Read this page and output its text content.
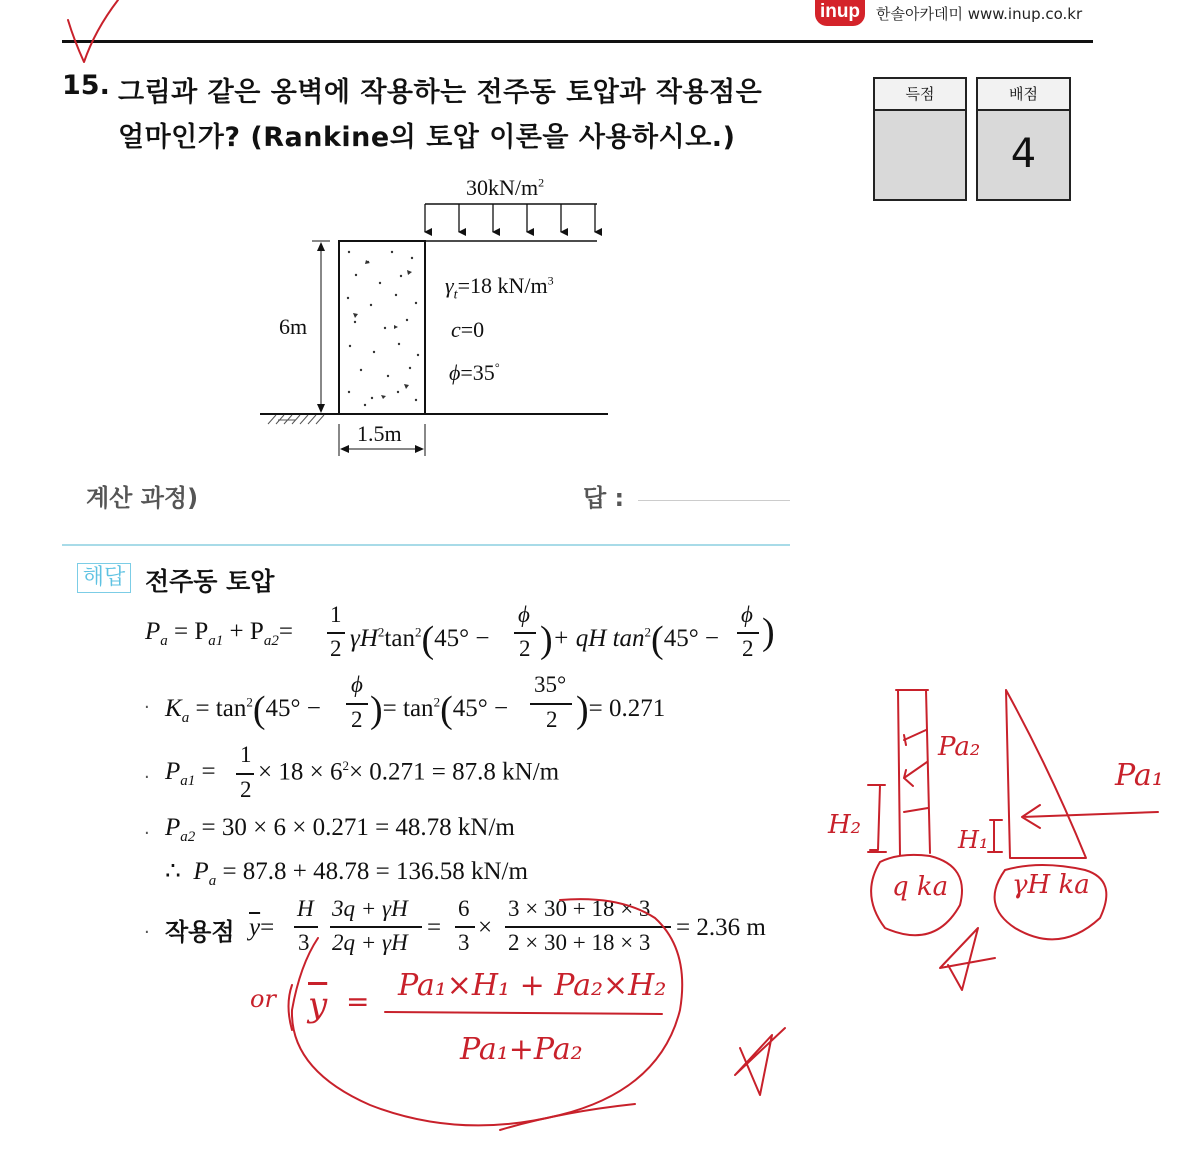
inup	한솔아카데미 www.inup.co.kr
15. 그림과 같은 옹벽에 작용하는 전주동 토압과 작용점은
얼마인가? (Rankine의 토압 이론을 사용하시오.)
득점	배점
4
$30kN/m^2$
6m
1.5m
$\gamma_t=18$ $kN/m^3$
c=0
ϕ=35°
계산 과정)	답 :
해답 전주동 토압
$P_a = P_{a1} + P_{a2}=$
1
2 $\gamma H^2\tan^2(45^\circ$ −
ϕ
2 )+ qH $\tan^2(45^\circ$ −
ϕ
2 )
· $K_a = \tan^2(45^\circ$ −
ϕ
2 )= $\tan^2(45^\circ$ −
35°
2 )= 0.271
· $P_{a1}$ =
1
2
× $18 \times 6^2\times 0.271 = 87.8$ kN/m
· $P_{a2} = 30 \times 6 \times 0.271 = 48.78$ kN/m
∴ $P_a = 87.8 + 48.78 = 136.58$ kN/m
· 작용점 $\overline{y}=$
H
3
3q + γH
2q + γH
=
6
3
×
3 × 30 + 18 × 3
2 × 30 + 18 × 3
= 2.36 m
or $\overline{y} = Pa_1\times H_1 + Pa_2\times H_2$
Pa₁+Pa₂
Pa₂
Pa₁
H₂	H₁
q ka γH ka
